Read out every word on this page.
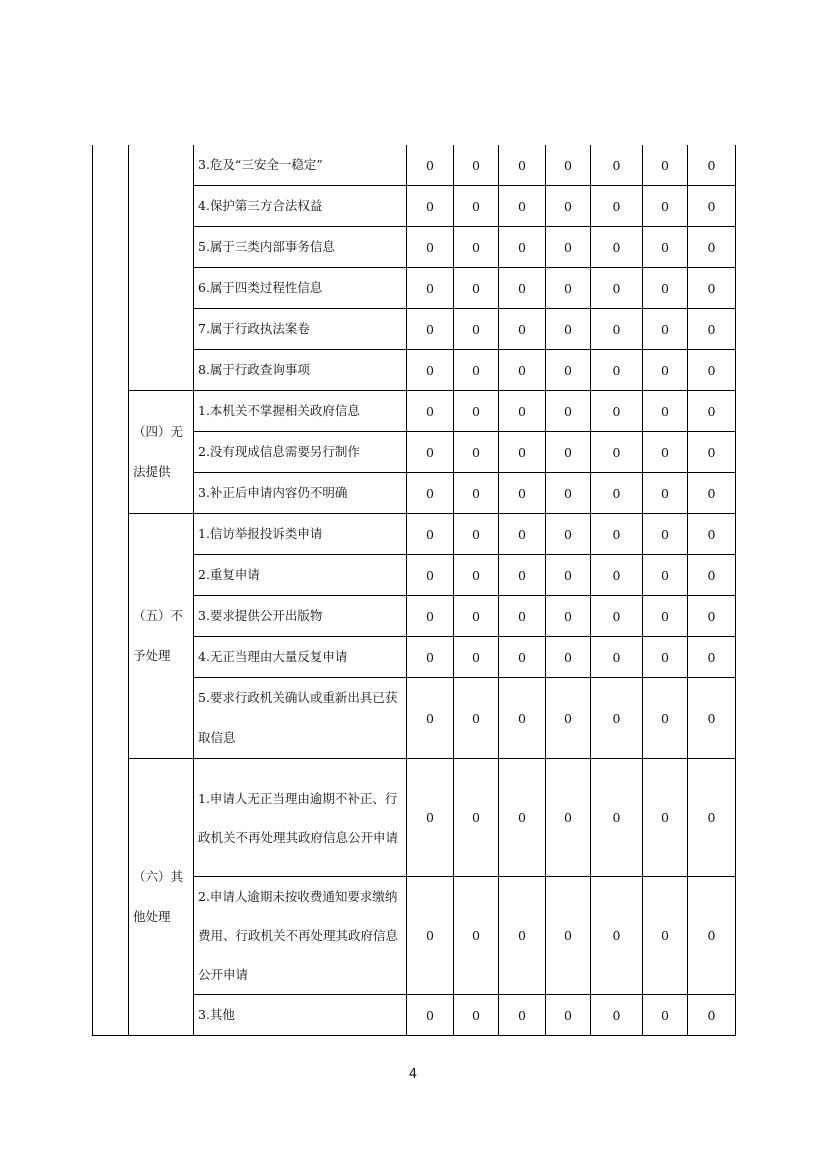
		3.危及“三安全一稳定”	0	0	0	0	0	0	0
		4.保护第三方合法权益	0	0	0	0	0	0	0
		5.属于三类内部事务信息	0	0	0	0	0	0	0
		6.属于四类过程性信息	0	0	0	0	0	0	0
		7.属于行政执法案卷	0	0	0	0	0	0	0
		8.属于行政查询事项	0	0	0	0	0	0	0
	（四）无法提供	1.本机关不掌握相关政府信息	0	0	0	0	0	0	0
		2.没有现成信息需要另行制作	0	0	0	0	0	0	0
		3.补正后申请内容仍不明确	0	0	0	0	0	0	0
	（五）不予处理	1.信访举报投诉类申请	0	0	0	0	0	0	0
		2.重复申请	0	0	0	0	0	0	0
		3.要求提供公开出版物	0	0	0	0	0	0	0
		4.无正当理由大量反复申请	0	0	0	0	0	0	0
		5.要求行政机关确认或重新出具已获取信息	0	0	0	0	0	0	0
	（六）其他处理	1.申请人无正当理由逾期不补正、行政机关不再处理其政府信息公开申请	0	0	0	0	0	0	0
		2.申请人逾期未按收费通知要求缴纳费用、行政机关不再处理其政府信息公开申请	0	0	0	0	0	0	0
		3.其他	0	0	0	0	0	0	0
4
